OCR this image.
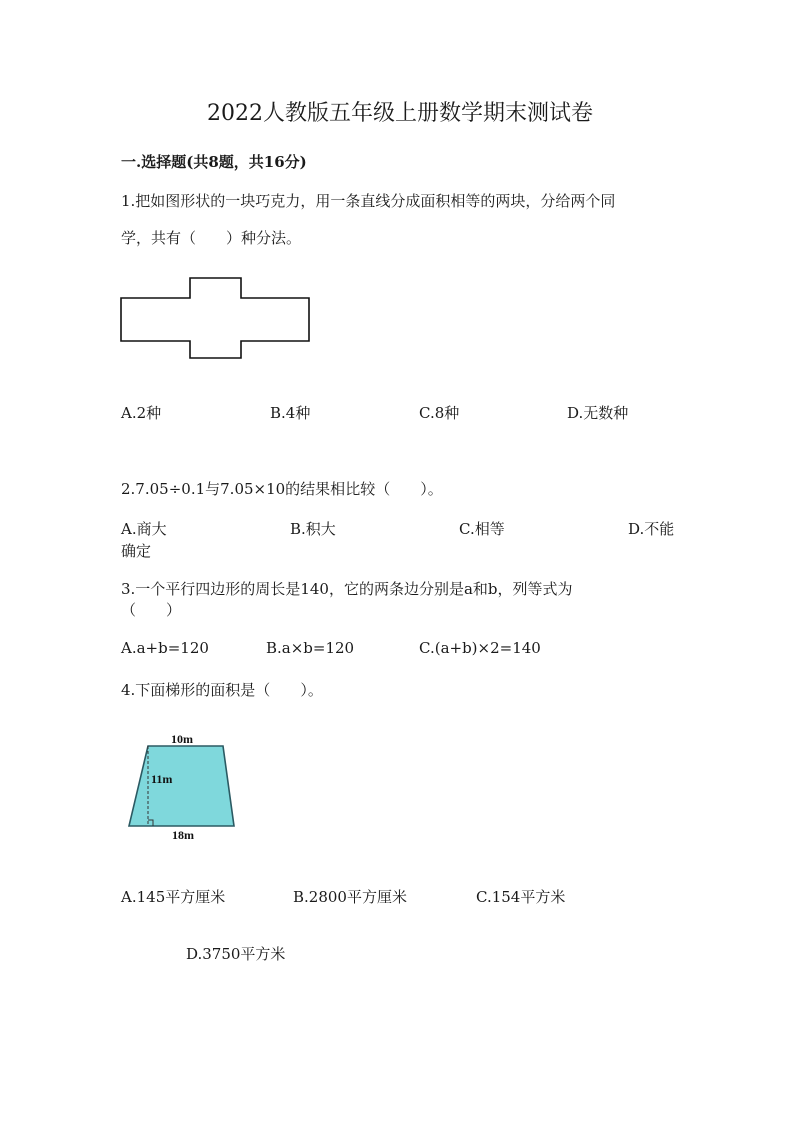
2022人教版五年级上册数学期末测试卷
一.选择题(共8题，共16分)
1.把如图形状的一块巧克力，用一条直线分成面积相等的两块，分给两个同
学，共有（　　）种分法。
A.2种	B.4种	C.8种	D.无数种
2.7.05÷0.1与7.05×10的结果相比较（　　）。
A.商大	B.积大	C.相等	D.不能
确定
3.一个平行四边形的周长是140，它的两条边分别是a和b，列等式为
（　　）
A.a+b=120	B.a×b=120	C.(a+b)×2=140
4.下面梯形的面积是（　　）。
10m
11m
18m
A.145平方厘米	B.2800平方厘米	C.154平方米
D.3750平方米
